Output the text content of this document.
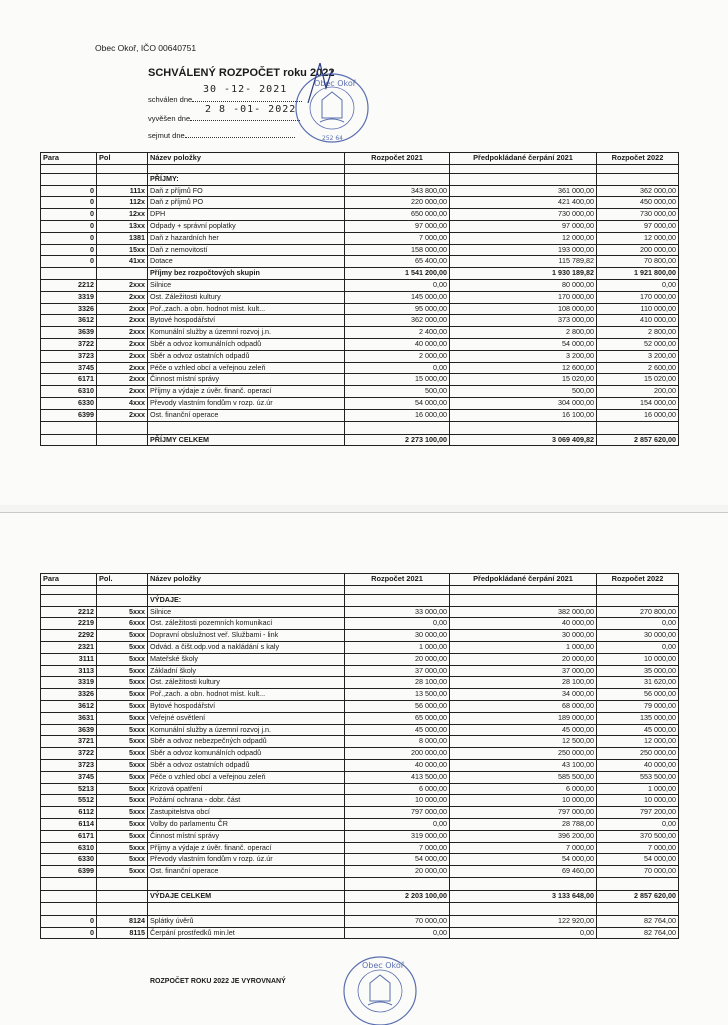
Obec Okoř, IČO 00640751
SCHVÁLENÝ ROZPOČET roku 2022
30 -12- 2021
schválen dne
2 8 -01- 2022
vyvěšen dne
sejmut dne
Obec Okoř
252 64
Para	Pol	Název položky	Rozpočet 2021	Předpokládané čerpání 2021	Rozpočet 2022

		PŘÍJMY:			
0	111x	Daň z příjmů FO	343 800,00	361 000,00	362 000,00
0	112x	Daň z příjmů PO	220 000,00	421 400,00	450 000,00
0	12xx	DPH	650 000,00	730 000,00	730 000,00
0	13xx	Odpady + správní poplatky	97 000,00	97 000,00	97 000,00
0	1381	Daň z hazardních her	7 000,00	12 000,00	12 000,00
0	15xx	Daň z nemovitostí	158 000,00	193 000,00	200 000,00
0	41xx	Dotace	65 400,00	115 789,82	70 800,00
		Příjmy bez rozpočtových skupin	1 541 200,00	1 930 189,82	1 921 800,00
2212	2xxx	Silnice	0,00	80 000,00	0,00
3319	2xxx	Ost. Záležitosti kultury	145 000,00	170 000,00	170 000,00
3326	2xxx	Poř.,zach. a obn. hodnot míst. kult...	95 000,00	108 000,00	110 000,00
3612	2xxx	Bytové hospodářství	362 000,00	373 000,00	410 000,00
3639	2xxx	Komunální služby a územní rozvoj j.n.	2 400,00	2 800,00	2 800,00
3722	2xxx	Sběr a odvoz komunálních odpadů	40 000,00	54 000,00	52 000,00
3723	2xxx	Sběr a odvoz ostatních odpadů	2 000,00	3 200,00	3 200,00
3745	2xxx	Péče o vzhled obcí a veřejnou zeleň	0,00	12 600,00	2 600,00
6171	2xxx	Činnost místní správy	15 000,00	15 020,00	15 020,00
6310	2xxx	Příjmy a výdaje z úvěr. finanč. operací	500,00	500,00	200,00
6330	4xxx	Převody vlastním fondům v rozp. úz.úr	54 000,00	304 000,00	154 000,00
6399	2xxx	Ost. finanční operace	16 000,00	16 100,00	16 000,00

		PŘÍJMY CELKEM	2 273 100,00	3 069 409,82	2 857 620,00
Para	Pol.	Název položky	Rozpočet 2021	Předpokládané čerpání 2021	Rozpočet 2022

		VÝDAJE:			
2212	5xxx	Silnice	33 000,00	382 000,00	270 800,00
2219	6xxx	Ost. záležitosti pozemních komunikací	0,00	40 000,00	0,00
2292	5xxx	Dopravní obslužnost veř. Službami - link	30 000,00	30 000,00	30 000,00
2321	5xxx	Odvád. a čišt.odp.vod a nakládání s kaly	1 000,00	1 000,00	0,00
3111	5xxx	Mateřské školy	20 000,00	20 000,00	10 000,00
3113	5xxx	Základní školy	37 000,00	37 000,00	35 000,00
3319	5xxx	Ost. záležitosti kultury	28 100,00	28 100,00	31 620,00
3326	5xxx	Poř.,zach. a obn. hodnot míst. kult...	13 500,00	34 000,00	56 000,00
3612	5xxx	Bytové hospodářství	56 000,00	68 000,00	79 000,00
3631	5xxx	Veřejné osvětlení	65 000,00	189 000,00	135 000,00
3639	5xxx	Komunální služby a územní rozvoj j.n.	45 000,00	45 000,00	45 000,00
3721	5xxx	Sběr a odvoz nebezpečných odpadů	8 000,00	12 500,00	12 000,00
3722	5xxx	Sběr a odvoz komunálních odpadů	200 000,00	250 000,00	250 000,00
3723	5xxx	Sběr a odvoz ostatních odpadů	40 000,00	43 100,00	40 000,00
3745	5xxx	Péče o vzhled obcí a veřejnou zeleň	413 500,00	585 500,00	553 500,00
5213	5xxx	Krizová opatření	6 000,00	6 000,00	1 000,00
5512	5xxx	Požární ochrana - dobr. část	10 000,00	10 000,00	10 000,00
6112	5xxx	Zastupitelstva obcí	797 000,00	797 000,00	797 200,00
6114	5xxx	Volby do parlamentu ČR	0,00	28 788,00	0,00
6171	5xxx	Činnost místní správy	319 000,00	396 200,00	370 500,00
6310	5xxx	Příjmy a výdaje z úvěr. finanč. operací	7 000,00	7 000,00	7 000,00
6330	5xxx	Převody vlastním fondům v rozp. úz.úr	54 000,00	54 000,00	54 000,00
6399	5xxx	Ost. finanční operace	20 000,00	69 460,00	70 000,00

		VÝDAJE CELKEM	2 203 100,00	3 133 648,00	2 857 620,00

0	8124	Splátky úvěrů	70 000,00	122 920,00	82 764,00
0	8115	Čerpání prostředků min.let	0,00	0,00	82 764,00
ROZPOČET ROKU 2022 JE VYROVNANÝ
Obec Okoř
